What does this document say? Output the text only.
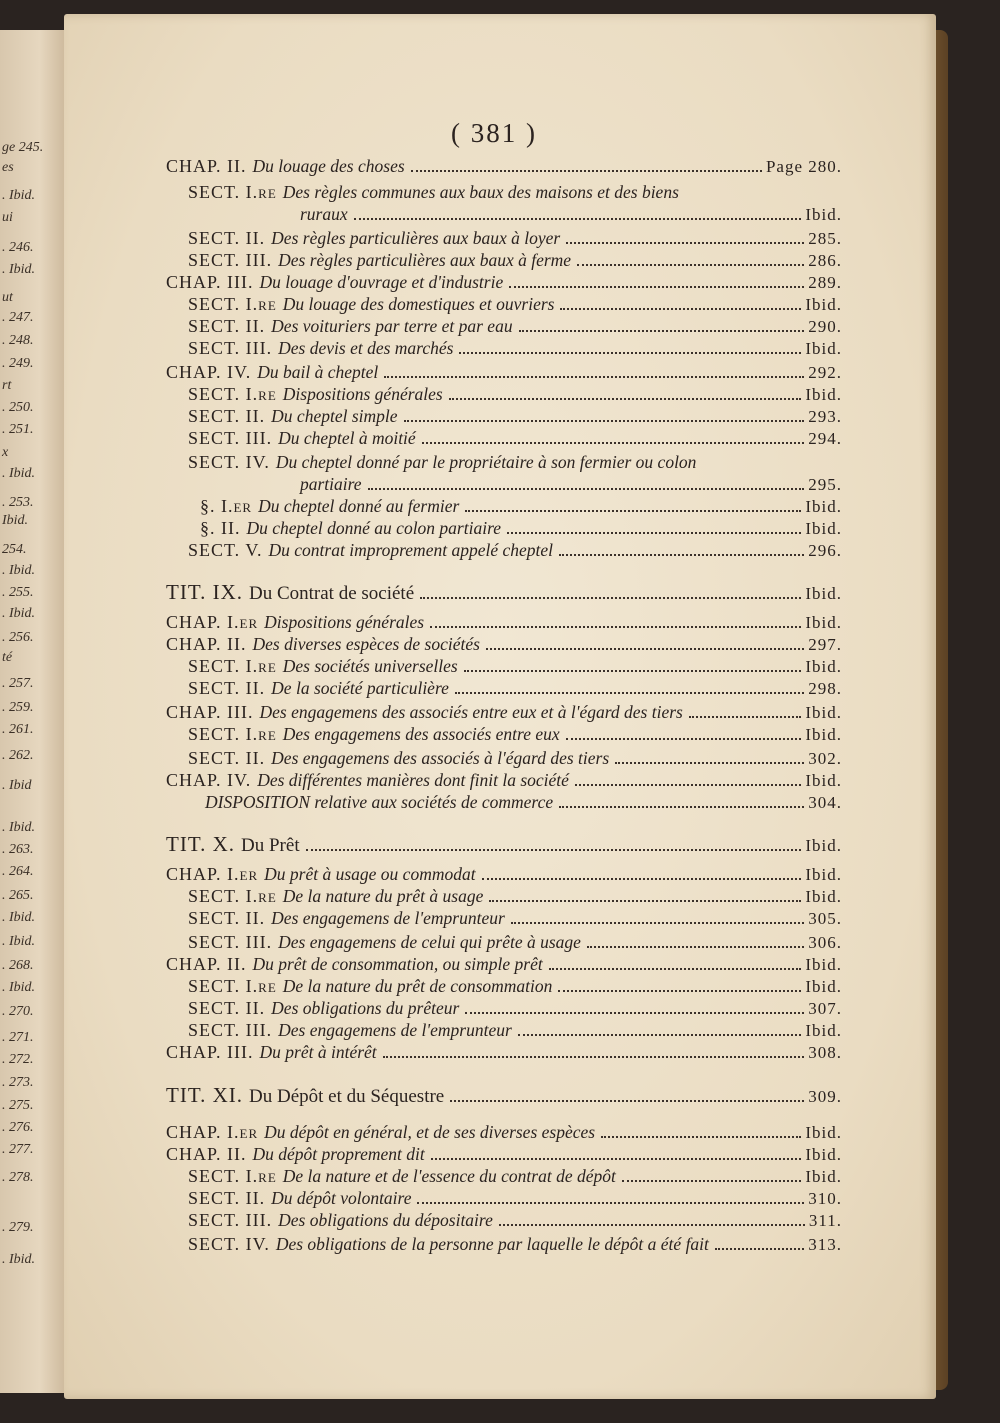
ge 245.
es
. Ibid.
ui
. 246.
. Ibid.
ut
. 247.
. 248.
. 249.
rt
. 250.
. 251.
x
. Ibid.
. 253.
Ibid.
254.
. Ibid.
. 255.
. Ibid.
. 256.
té
. 257.
. 259.
. 261.
. 262.
. Ibid
. Ibid.
. 263.
. 264.
. 265.
. Ibid.
. Ibid.
. 268.
. Ibid.
. 270.
. 271.
. 272.
. 273.
. 275.
. 276.
. 277.
. 278.
. 279.
. Ibid.
( 381 )
CHAP. II. Du louage des choses	Page 280.
SECT. I.re Des règles communes aux baux des maisons et des biens
ruraux	Ibid.
SECT. II. Des règles particulières aux baux à loyer	285.
SECT. III. Des règles particulières aux baux à ferme	286.
CHAP. III. Du louage d'ouvrage et d'industrie	289.
SECT. I.re Du louage des domestiques et ouvriers	Ibid.
SECT. II. Des voituriers par terre et par eau	290.
SECT. III. Des devis et des marchés	Ibid.
CHAP. IV. Du bail à cheptel	292.
SECT. I.re Dispositions générales	Ibid.
SECT. II. Du cheptel simple	293.
SECT. III. Du cheptel à moitié	294.
SECT. IV. Du cheptel donné par le propriétaire à son fermier ou colon
partiaire	295.
§. I.er Du cheptel donné au fermier	Ibid.
§. II. Du cheptel donné au colon partiaire	Ibid.
SECT. V. Du contrat improprement appelé cheptel	296.
TIT. IX. Du Contrat de société	Ibid.
CHAP. I.er Dispositions générales	Ibid.
CHAP. II. Des diverses espèces de sociétés	297.
SECT. I.re Des sociétés universelles	Ibid.
SECT. II. De la société particulière	298.
CHAP. III. Des engagemens des associés entre eux et à l'égard des tiers	Ibid.
SECT. I.re Des engagemens des associés entre eux	Ibid.
SECT. II. Des engagemens des associés à l'égard des tiers	302.
CHAP. IV. Des différentes manières dont finit la société	Ibid.
DISPOSITION relative aux sociétés de commerce	304.
TIT. X. Du Prêt	Ibid.
CHAP. I.er Du prêt à usage ou commodat	Ibid.
SECT. I.re De la nature du prêt à usage	Ibid.
SECT. II. Des engagemens de l'emprunteur	305.
SECT. III. Des engagemens de celui qui prête à usage	306.
CHAP. II. Du prêt de consommation, ou simple prêt	Ibid.
SECT. I.re De la nature du prêt de consommation	Ibid.
SECT. II. Des obligations du prêteur	307.
SECT. III. Des engagemens de l'emprunteur	Ibid.
CHAP. III. Du prêt à intérêt	308.
TIT. XI. Du Dépôt et du Séquestre	309.
CHAP. I.er Du dépôt en général, et de ses diverses espèces	Ibid.
CHAP. II. Du dépôt proprement dit	Ibid.
SECT. I.re De la nature et de l'essence du contrat de dépôt	Ibid.
SECT. II. Du dépôt volontaire	310.
SECT. III. Des obligations du dépositaire	311.
SECT. IV. Des obligations de la personne par laquelle le dépôt a été fait	313.
